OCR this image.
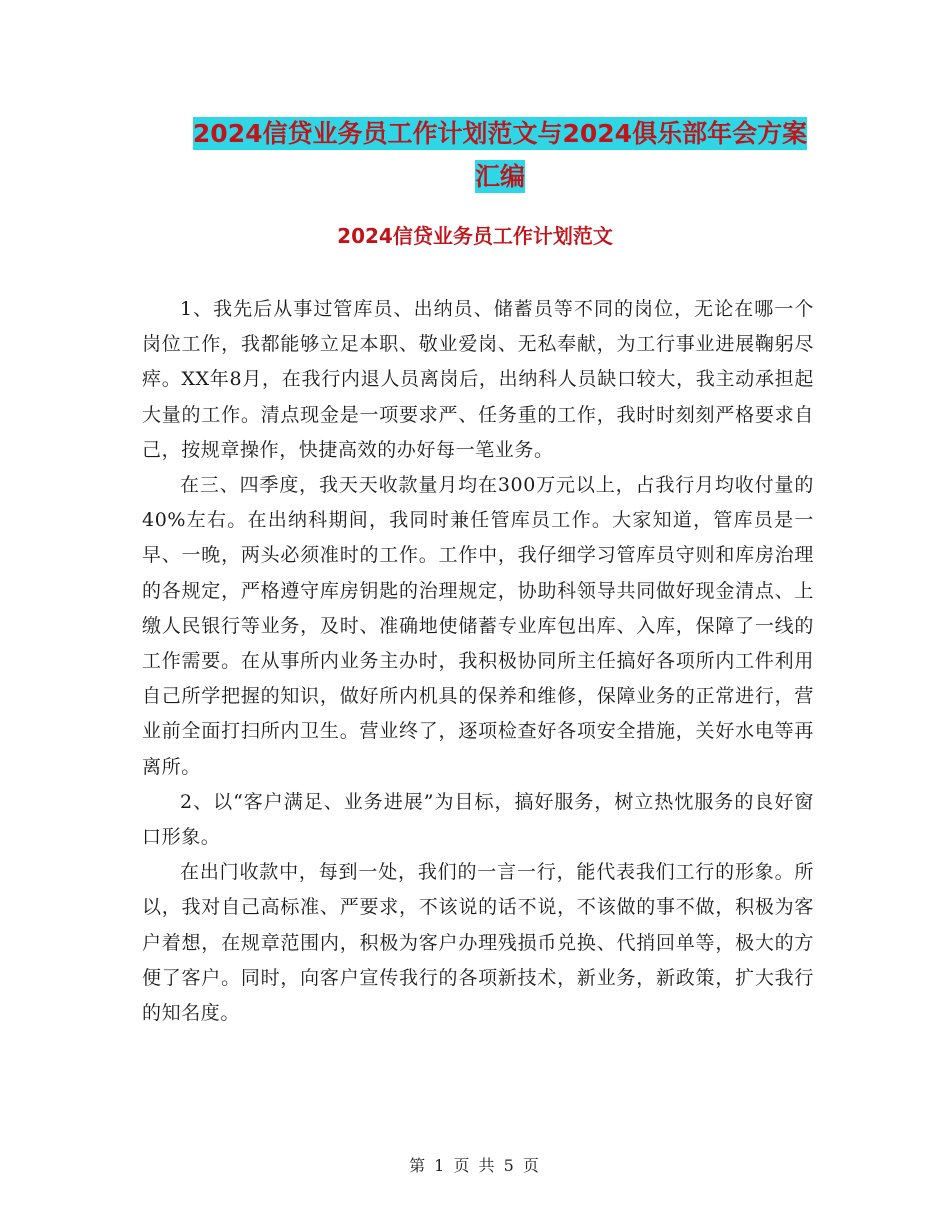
2024信贷业务员工作计划范文与2024俱乐部年会方案
汇编
2024信贷业务员工作计划范文

1、我先后从事过管库员、出纳员、储蓄员等不同的岗位，无论在哪一个岗位工作，我都能够立足本职、敬业爱岗、无私奉献，为工行事业进展鞠躬尽瘁。XX年8月，在我行内退人员离岗后，出纳科人员缺口较大，我主动承担起大量的工作。清点现金是一项要求严、任务重的工作，我时时刻刻严格要求自己，按规章操作，快捷高效的办好每一笔业务。

在三、四季度，我天天收款量月均在300万元以上，占我行月均收付量的40%左右。在出纳科期间，我同时兼任管库员工作。大家知道，管库员是一早、一晚，两头必须准时的工作。工作中，我仔细学习管库员守则和库房治理的各规定，严格遵守库房钥匙的治理规定，协助科领导共同做好现金清点、上缴人民银行等业务，及时、准确地使储蓄专业库包出库、入库，保障了一线的工作需要。在从事所内业务主办时，我积极协同所主任搞好各项所内工件利用自己所学把握的知识，做好所内机具的保养和维修，保障业务的正常进行，营业前全面打扫所内卫生。营业终了，逐项检查好各项安全措施，关好水电等再离所。

2、以“客户满足、业务进展”为目标，搞好服务，树立热忱服务的良好窗口形象。

在出门收款中，每到一处，我们的一言一行，能代表我们工行的形象。所以，我对自己高标准、严要求，不该说的话不说，不该做的事不做，积极为客户着想，在规章范围内，积极为客户办理残损币兑换、代捎回单等，极大的方便了客户。同时，向客户宣传我行的各项新技术，新业务，新政策，扩大我行的知名度。

第 1 页 共 5 页
